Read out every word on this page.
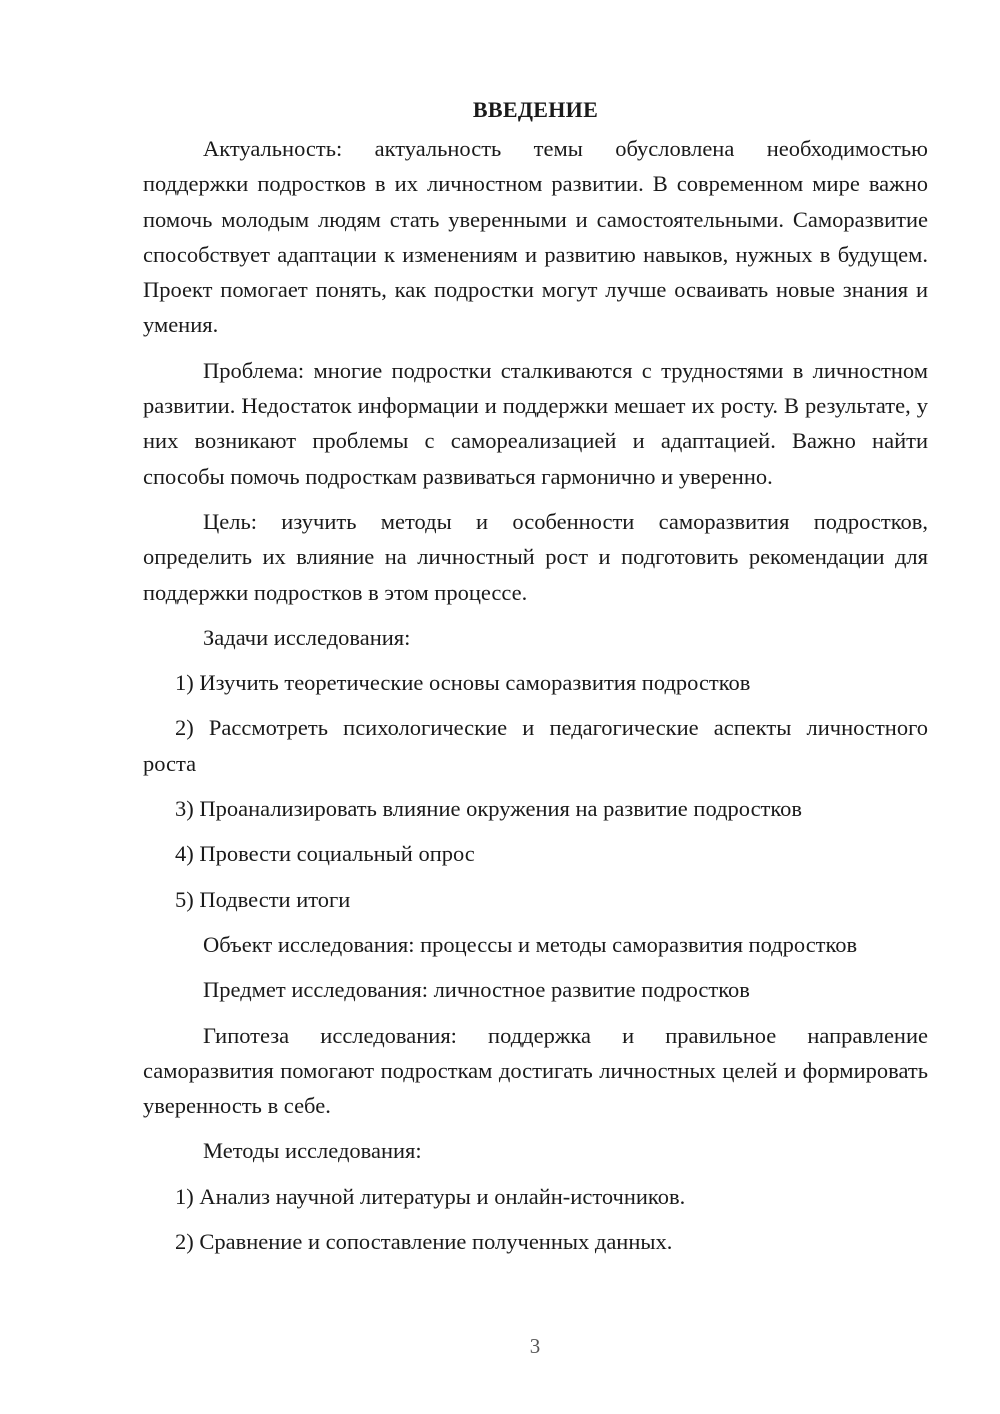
ВВЕДЕНИЕ

Актуальность: актуальность темы обусловлена необходимостью поддержки подростков в их личностном развитии. В современном мире важно помочь молодым людям стать уверенными и самостоятельными. Саморазвитие способствует адаптации к изменениям и развитию навыков, нужных в будущем. Проект помогает понять, как подростки могут лучше осваивать новые знания и умения.

Проблема: многие подростки сталкиваются с трудностями в личностном развитии. Недостаток информации и поддержки мешает их росту. В результате, у них возникают проблемы с самореализацией и адаптацией. Важно найти способы помочь подросткам развиваться гармонично и уверенно.

Цель: изучить методы и особенности саморазвития подростков, определить их влияние на личностный рост и подготовить рекомендации для поддержки подростков в этом процессе.

Задачи исследования:
1) Изучить теоретические основы саморазвития подростков

2) Рассмотреть психологические и педагогические аспекты личностного роста

3) Проанализировать влияние окружения на развитие подростков
4) Провести социальный опрос
5) Подвести итоги
Объект исследования: процессы и методы саморазвития подростков
Предмет исследования: личностное развитие подростков

Гипотеза исследования: поддержка и правильное направление саморазвития помогают подросткам достигать личностных целей и формировать уверенность в себе.

Методы исследования:
1) Анализ научной литературы и онлайн-источников.
2) Сравнение и сопоставление полученных данных.
3
